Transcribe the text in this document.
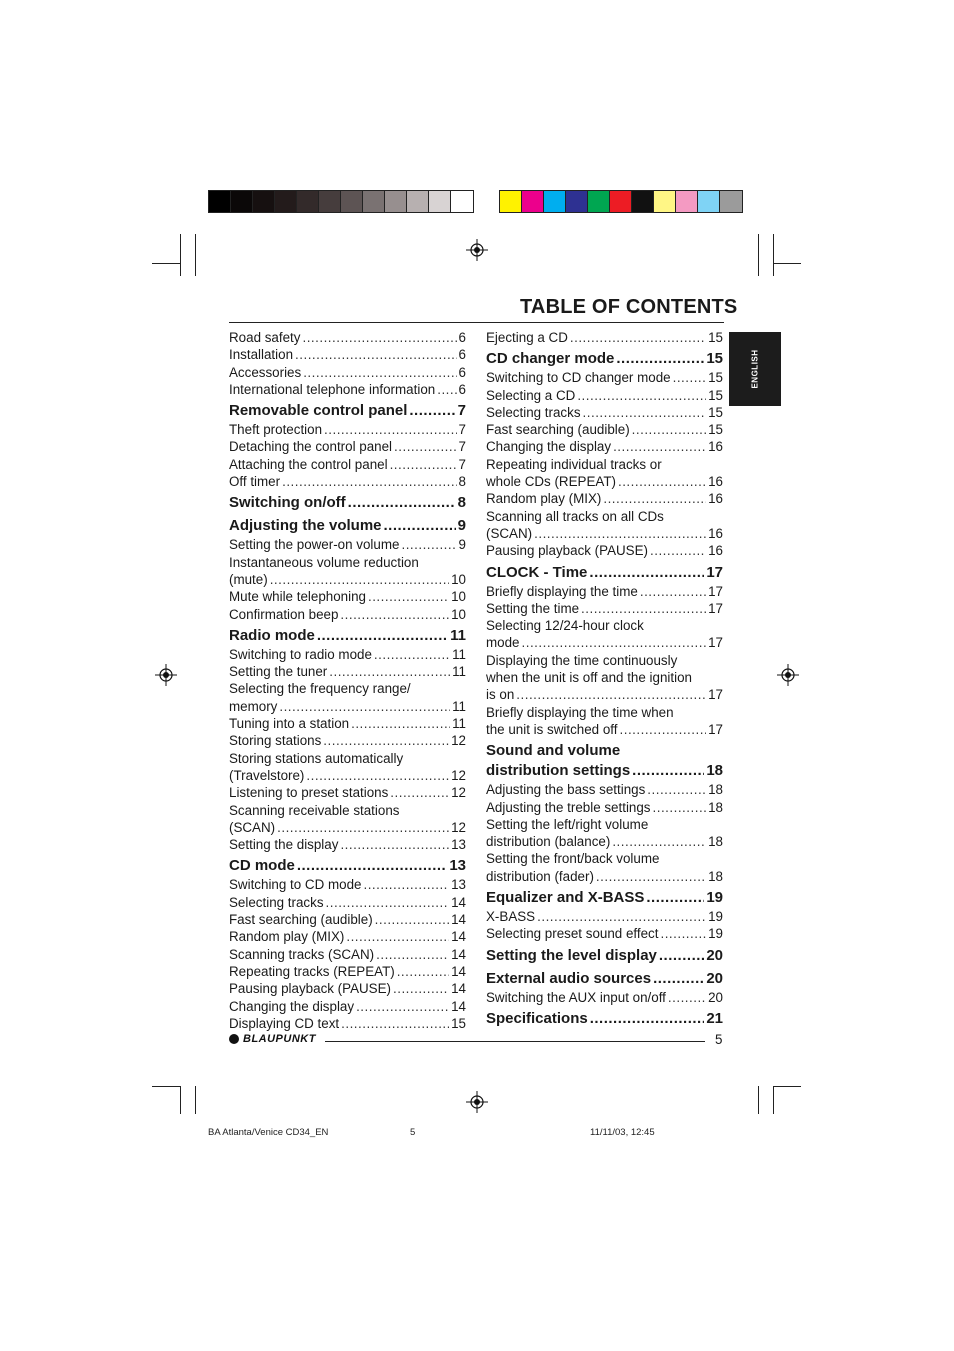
TABLE OF CONTENTS
ENGLISH
Road safety .....	6
Installation .....	6
Accessories .....	6
International telephone information ..... 6
Removable control panel .....	7
Theft protection .....	7
Detaching the control panel .....	7
Attaching the control panel .....	7
Off timer .....	8
Switching on/off .....	8
Adjusting the volume .....	9
Setting the power-on volume .....	9
Instantaneous volume reduction
(mute) .....	10
Mute while telephoning .....	10
Confirmation beep .....	10
Radio mode .....	11
Switching to radio mode .....	11
Setting the tuner .....	11
Selecting the frequency range/
memory .....	11
Tuning into a station .....	11
Storing stations .....	12
Storing stations automatically
(Travelstore) .....	12
Listening to preset stations .....	12
Scanning receivable stations
(SCAN) .....	12
Setting the display .....	13
CD mode .....	13
Switching to CD mode .....	13
Selecting tracks .....	14
Fast searching (audible) .....	14
Random play (MIX) .....	14
Scanning tracks (SCAN) .....	14
Repeating tracks (REPEAT) .....	14
Pausing playback (PAUSE) .....	14
Changing the display .....	14
Displaying CD text .....	15
Ejecting a CD .....	15
CD changer mode .....	15
Switching to CD changer mode .....	15
Selecting a CD .....	15
Selecting tracks .....	15
Fast searching (audible) .....	15
Changing the display .....	16
Repeating individual tracks or
whole CDs (REPEAT) .....	16
Random play (MIX) .....	16
Scanning all tracks on all CDs
(SCAN) .....	16
Pausing playback (PAUSE) .....	16
CLOCK - Time .....	17
Briefly displaying the time .....	17
Setting the time .....	17
Selecting 12/24-hour clock
mode .....	17
Displaying the time continuously
when the unit is off and the ignition
is on .....	17
Briefly displaying the time when
the unit is switched off .....	17
Sound and volume
distribution settings .....	18
Adjusting the bass settings .....	18
Adjusting the treble settings .....	18
Setting the left/right volume
distribution (balance) .....	18
Setting the front/back volume
distribution (fader) .....	18
Equalizer and X-BASS .....	19
X-BASS .....	19
Selecting preset sound effect .....	19
Setting the level display .....	20
External audio sources .....	20
Switching the AUX input on/off .....	20
Specifications .....	21
BLAUPUNKT	5
BA Atlanta/Venice CD34_EN	5	11/11/03, 12:45
